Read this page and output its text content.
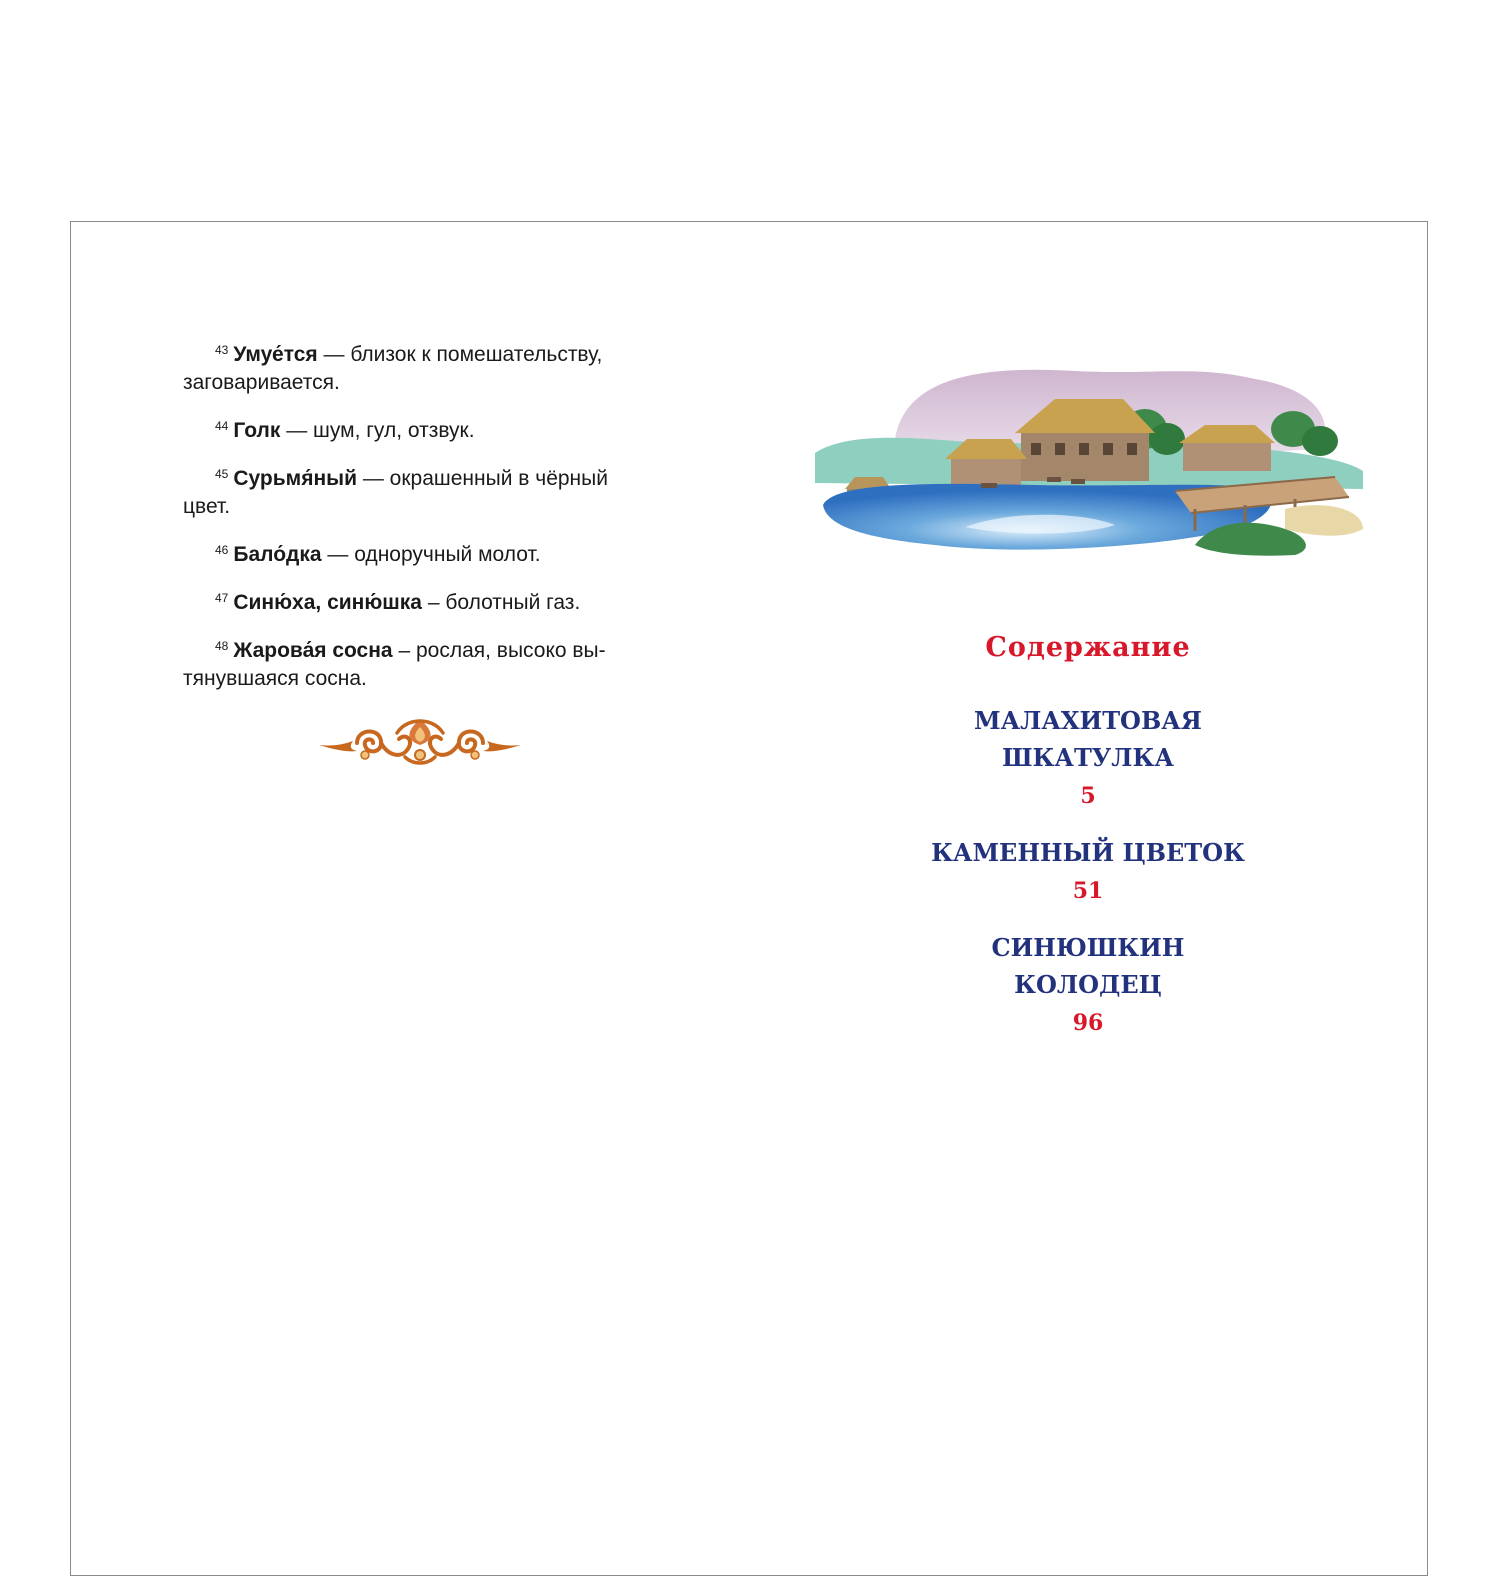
$^{43}$ Умуе́тся — близок к помешательству, заговаривается.

$^{44}$ Голк — шум, гул, отзвук.

$^{45}$ Сурьмя́ный — окрашенный в чёрный цвет.

$^{46}$ Бало́дка — одноручный молот.

$^{47}$ Синю́ха, синю́шка – болотный газ.

$^{48}$ Жарова́я сосна – рослая, высоко вытянувшаяся сосна.

Содержание
МАЛАХИТОВАЯ ШКАТУЛКА
5
КАМЕННЫЙ ЦВЕТОК
51
СИНЮШКИН КОЛОДЕЦ
96
